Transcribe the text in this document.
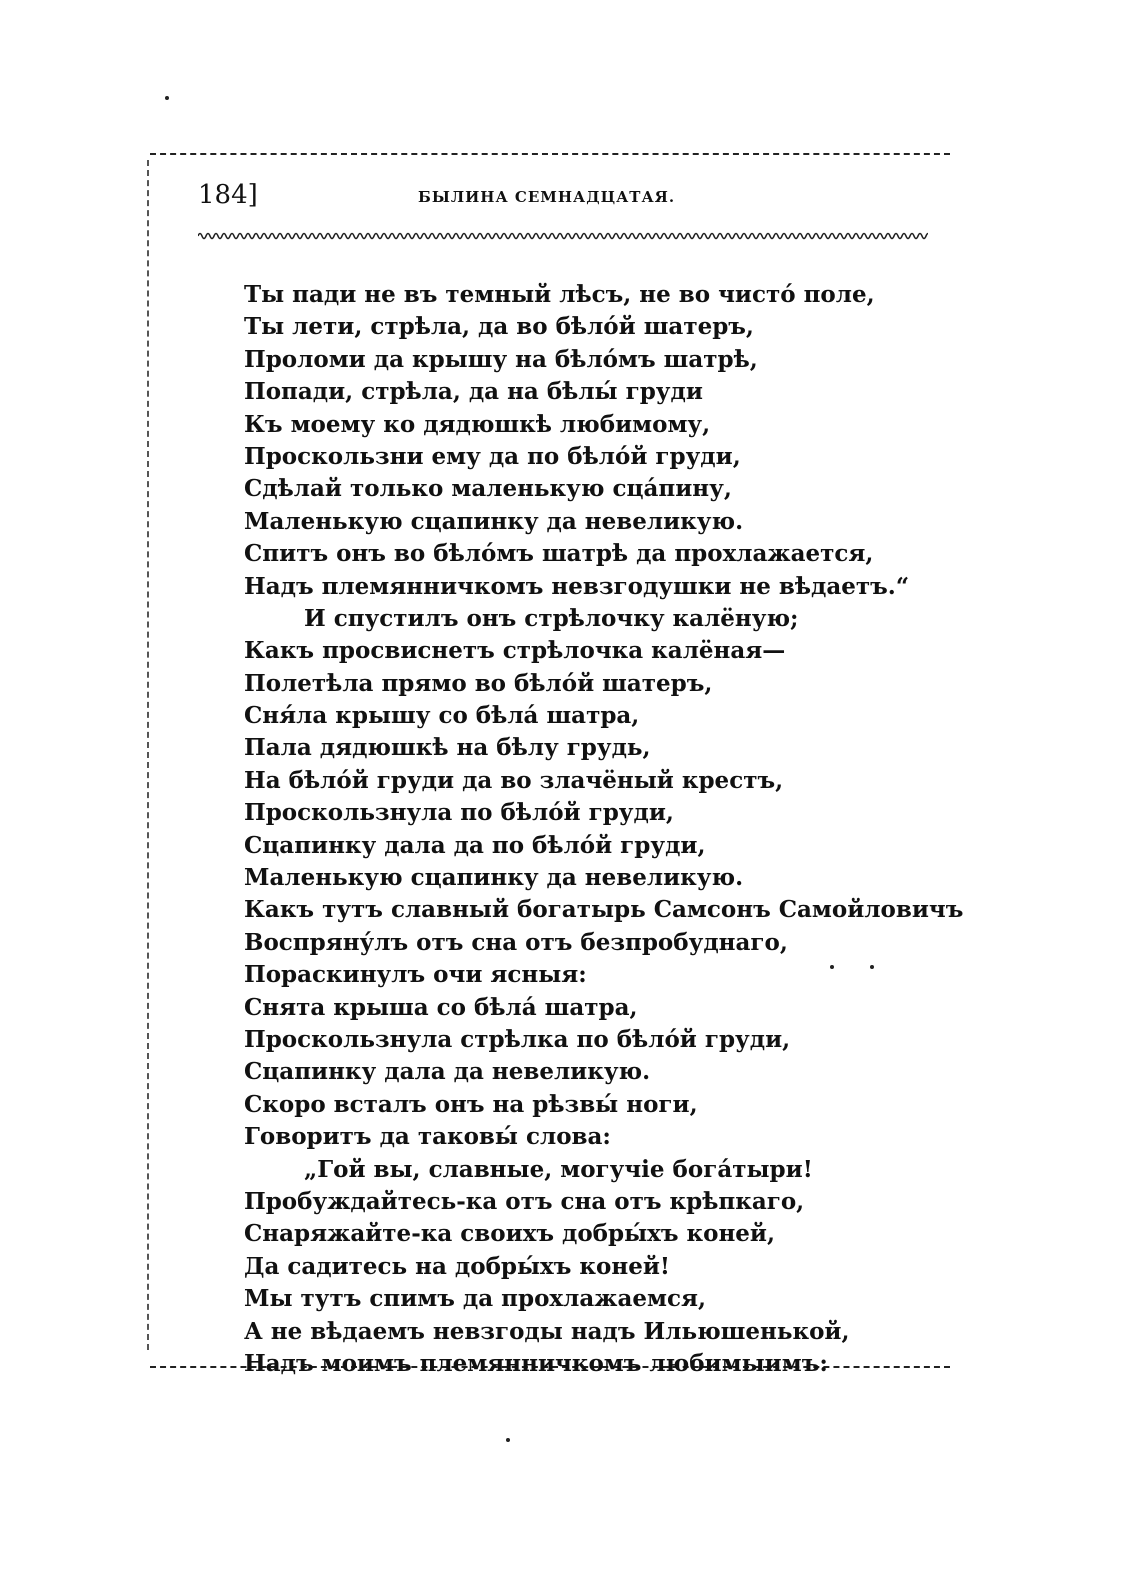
184]	БЫЛИНА СЕМНАДЦАТАЯ.
Ты пади не въ темный лѣсъ, не во чисто́ поле,
Ты лети, стрѣла, да во бѣло́й шатеръ,
Проломи да крышу на бѣло́мъ шатрѣ,
Попади, стрѣла, да на бѣлы́ груди
Къ моему ко дядюшкѣ любимому,
Проскользни ему да по бѣло́й груди,
Сдѣлай только маленькую сца́пину,
Маленькую сцапинку да невеликую.
Спитъ онъ во бѣло́мъ шатрѣ да прохлажается,
Надъ племянничкомъ невзгодушки не вѣдаетъ.“
И спустилъ онъ стрѣлочку калёную;
Какъ просвиснетъ стрѣлочка калёная—
Полетѣла прямо во бѣло́й шатеръ,
Сня́ла крышу со бѣла́ шатра,
Пала дядюшкѣ на бѣлу грудь,
На бѣло́й груди да во злачёный крестъ,
Проскользнула по бѣло́й груди,
Сцапинку дала да по бѣло́й груди,
Маленькую сцапинку да невеликую.
Какъ тутъ славный богатырь Самсонъ Самойловичъ
Воспряну́лъ отъ сна отъ безпробуднаго,
Пораскинулъ очи ясныя:
Снята крыша со бѣла́ шатра,
Проскользнула стрѣлка по бѣло́й груди,
Сцапинку дала да невеликую.
Скоро всталъ онъ на рѣзвы́ ноги,
Говоритъ да таковы́ слова:
„Гой вы, славные, могучіе бога́тыри!
Пробуждайтесь-ка отъ сна отъ крѣпкаго,
Снаряжайте-ка своихъ добры́хъ коней,
Да садитесь на добры́хъ коней!
Мы тутъ спимъ да прохлажаемся,
А не вѣдаемъ невзгоды надъ Ильюшенькой,
Надъ моимъ племянничкомъ любимыимъ:
